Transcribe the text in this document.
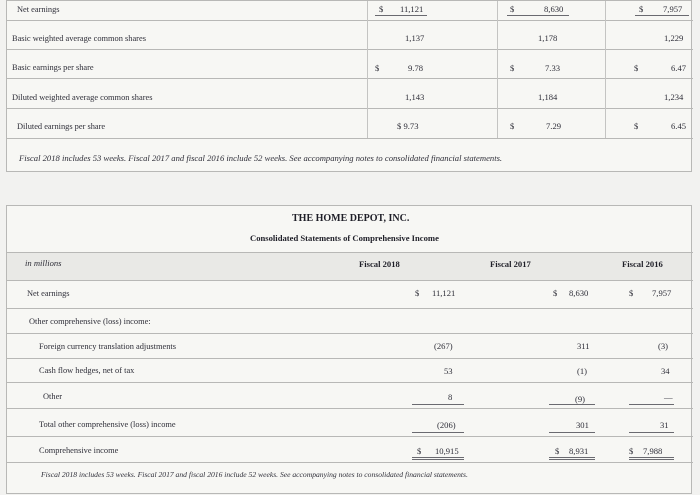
Net earnings	$ 11,121	$	8,630	$ 7,957
Basic weighted average common shares	1,137	1,178	1,229
Basic earnings per share	$	9.78	$	7.33	$	6.47
Diluted weighted average common shares	1,143	1,184	1,234
Diluted earnings per share	$ 9.73	$	7.29	$	6.45
Fiscal 2018 includes 53 weeks. Fiscal 2017 and fiscal 2016 include 52 weeks. See accompanying notes to consolidated financial statements.
THE HOME DEPOT, INC.
Consolidated Statements of Comprehensive Income
in millions	Fiscal 2018	Fiscal 2017	Fiscal 2016
Net earnings	$ 11,121	$ 8,630	$ 7,957
Other comprehensive (loss) income:
Foreign currency translation adjustments	(267)	311	(3)
Cash flow hedges, net of tax	53	(1)	34
Other	8	(9)	—
Total other comprehensive (loss) income	(206)	301	31
Comprehensive income	$ 10,915	$ 8,931	$ 7,988
Fiscal 2018 includes 53 weeks. Fiscal 2017 and fiscal 2016 include 52 weeks. See accompanying notes to consolidated financial statements.
